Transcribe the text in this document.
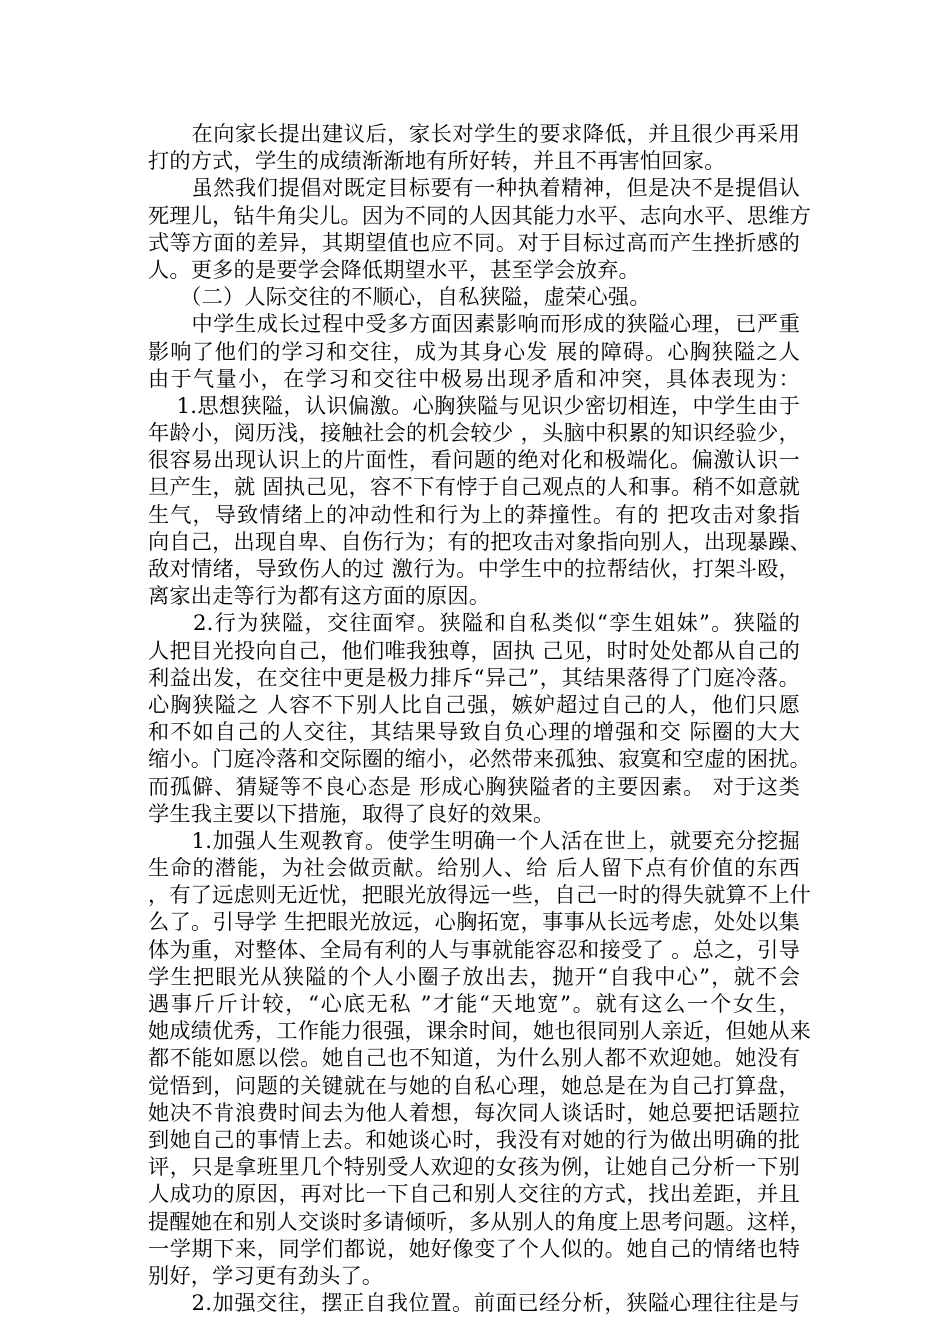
　　在向家长提出建议后，家长对学生的要求降低，并且很少再采用
打的方式，学生的成绩渐渐地有所好转，并且不再害怕回家。
　　虽然我们提倡对既定目标要有一种执着精神，但是决不是提倡认
死理儿，钻牛角尖儿。因为不同的人因其能力水平、志向水平、思维方
式等方面的差异，其期望值也应不同。对于目标过高而产生挫折感的
人。更多的是要学会降低期望水平，甚至学会放弃。
　　（二）人际交往的不顺心，自私狭隘，虚荣心强。
　　中学生成长过程中受多方面因素影响而形成的狭隘心理，已严重
影响了他们的学习和交往，成为其身心发 展的障碍。心胸狭隘之人
由于气量小，在学习和交往中极易出现矛盾和冲突，具体表现为：
　 1.思想狭隘，认识偏激。心胸狭隘与见识少密切相连，中学生由于
年龄小，阅历浅，接触社会的机会较少 ，头脑中积累的知识经验少，
很容易出现认识上的片面性，看问题的绝对化和极端化。偏激认识一
旦产生，就 固执己见，容不下有悖于自己观点的人和事。稍不如意就
生气，导致情绪上的冲动性和行为上的莽撞性。有的 把攻击对象指
向自己，出现自卑、自伤行为；有的把攻击对象指向别人，出现暴躁、
敌对情绪，导致伤人的过 激行为。中学生中的拉帮结伙，打架斗殴，
离家出走等行为都有这方面的原因。
　　2.行为狭隘，交往面窄。狭隘和自私类似“孪生姐妹”。狭隘的
人把目光投向自己，他们唯我独尊，固执 己见，时时处处都从自己的
利益出发，在交往中更是极力排斥“异己”，其结果落得了门庭冷落。
心胸狭隘之 人容不下别人比自己强，嫉妒超过自己的人，他们只愿
和不如自己的人交往，其结果导致自负心理的增强和交 际圈的大大
缩小。门庭冷落和交际圈的缩小，必然带来孤独、寂寞和空虚的困扰。
而孤僻、猜疑等不良心态是 形成心胸狭隘者的主要因素。 对于这类
学生我主要以下措施，取得了良好的效果。
　　1.加强人生观教育。使学生明确一个人活在世上，就要充分挖掘
生命的潜能，为社会做贡献。给别人、给 后人留下点有价值的东西
，有了远虑则无近忧，把眼光放得远一些，自己一时的得失就算不上什
么了。引导学 生把眼光放远，心胸拓宽，事事从长远考虑，处处以集
体为重，对整体、全局有利的人与事就能容忍和接受了 。总之，引导
学生把眼光从狭隘的个人小圈子放出去，抛开“自我中心”，就不会
遇事斤斤计较，“心底无私 ”才能“天地宽”。就有这么一个女生，
她成绩优秀，工作能力很强，课余时间，她也很同别人亲近，但她从来
都不能如愿以偿。她自己也不知道，为什么别人都不欢迎她。她没有
觉悟到，问题的关键就在与她的自私心理，她总是在为自己打算盘，
她决不肯浪费时间去为他人着想，每次同人谈话时，她总要把话题拉
到她自己的事情上去。和她谈心时，我没有对她的行为做出明确的批
评，只是拿班里几个特别受人欢迎的女孩为例，让她自己分析一下别
人成功的原因，再对比一下自己和别人交往的方式，找出差距，并且
提醒她在和别人交谈时多请倾听，多从别人的角度上思考问题。这样，
一学期下来，同学们都说，她好像变了个人似的。她自己的情绪也特
别好，学习更有劲头了。
　　2.加强交往，摆正自我位置。前面已经分析，狭隘心理往往是与
